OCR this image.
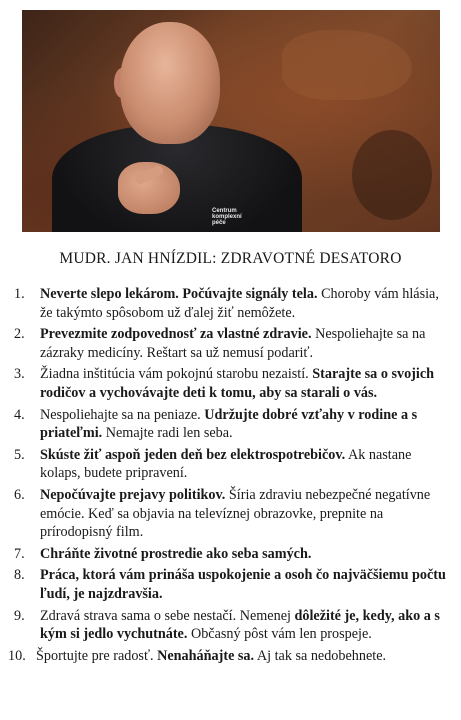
Centrum
komplexní
péče
MUDR. JAN HNÍZDIL: ZDRAVOTNÉ DESATORO
1. Neverte slepo lekárom. Počúvajte signály tela. Choroby vám hlásia, že takýmto spôsobom už ďalej žiť nemôžete.
2. Prevezmite zodpovednosť za vlastné zdravie. Nespoliehajte sa na zázraky medicíny. Reštart sa už nemusí podariť.
3. Žiadna inštitúcia vám pokojnú starobu nezaistí. Starajte sa o svojich rodičov a vychovávajte deti k tomu, aby sa starali o vás.
4. Nespoliehajte sa na peniaze. Udržujte dobré vzťahy v rodine a s priateľmi. Nemajte radi len seba.
5. Skúste žiť aspoň jeden deň bez elektrospotrebičov. Ak nastane kolaps, budete pripravení.
6. Nepočúvajte prejavy politikov. Šíria zdraviu nebezpečné negatívne emócie. Keď sa objavia na televíznej obrazovke, prepnite na prírodopisný film.
7. Chráňte životné prostredie ako seba samých.
8. Práca, ktorá vám prináša uspokojenie a osoh čo najväčšiemu počtu ľudí, je najzdravšia.
9. Zdravá strava sama o sebe nestačí. Nemenej dôležité je, kedy, ako a s kým si jedlo vychutnáte. Občasný pôst vám len prospeje.
10. Športujte pre radosť. Nenaháňajte sa. Aj tak sa nedobehnete.
